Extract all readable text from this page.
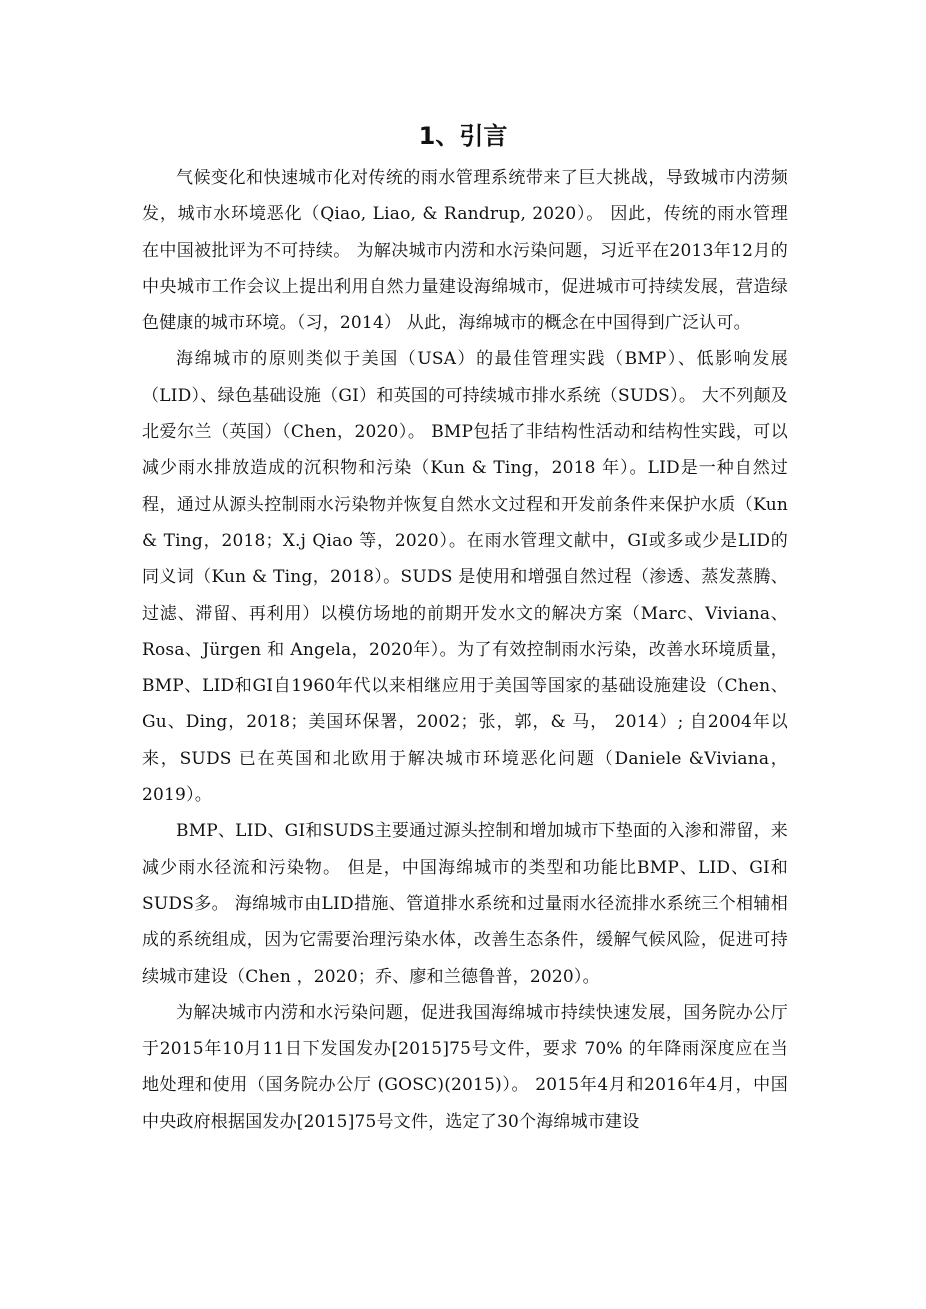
1、引言

气候变化和快速城市化对传统的雨水管理系统带来了巨大挑战，导致城市内涝频发，城市水环境恶化（Qiao, Liao, & Randrup, 2020）。 因此，传统的雨水管理在中国被批评为不可持续。 为解决城市内涝和水污染问题，习近平在2013年12月的中央城市工作会议上提出利用自然力量建设海绵城市，促进城市可持续发展，营造绿色健康的城市环境。（习，2014） 从此，海绵城市的概念在中国得到广泛认可。

海绵城市的原则类似于美国（USA）的最佳管理实践（BMP）、低影响发展（LID）、绿色基础设施（GI）和英国的可持续城市排水系统（SUDS）。 大不列颠及北爱尔兰（英国）（Chen，2020）。 BMP包括了非结构性活动和结构性实践，可以减少雨水排放造成的沉积物和污染（Kun & Ting，2018 年）。LID是一种自然过程，通过从源头控制雨水污染物并恢复自然水文过程和开发前条件来保护水质（Kun & Ting，2018；X.j Qiao 等，2020）。在雨水管理文献中，GI或多或少是LID的同义词（Kun & Ting，2018）。SUDS 是使用和增强自然过程（渗透、蒸发蒸腾、过滤、滞留、再利用）以模仿场地的前期开发水文的解决方案（Marc、Viviana、Rosa、Jürgen 和 Angela，2020年）。为了有效控制雨水污染，改善水环境质量，BMP、LID和GI自1960年代以来相继应用于美国等国家的基础设施建设（Chen、Gu、Ding，2018；美国环保署，2002；张，郭，& 马， 2014）; 自2004年以来，SUDS 已在英国和北欧用于解决城市环境恶化问题（Daniele &Viviana，2019）。

BMP、LID、GI和SUDS主要通过源头控制和增加城市下垫面的入渗和滞留，来减少雨水径流和污染物。 但是，中国海绵城市的类型和功能比BMP、LID、GI和SUDS多。 海绵城市由LID措施、管道排水系统和过量雨水径流排水系统三个相辅相成的系统组成，因为它需要治理污染水体，改善生态条件，缓解气候风险，促进可持续城市建设（Chen ，2020；乔、廖和兰德鲁普，2020）。

为解决城市内涝和水污染问题，促进我国海绵城市持续快速发展，国务院办公厅于2015年10月11日下发国发办[2015]75号文件，要求 70% 的年降雨深度应在当地处理和使用（国务院办公厅 (GOSC)(2015)）。 2015年4月和2016年4月，中国中央政府根据国发办[2015]75号文件，选定了30个海绵城市建设
